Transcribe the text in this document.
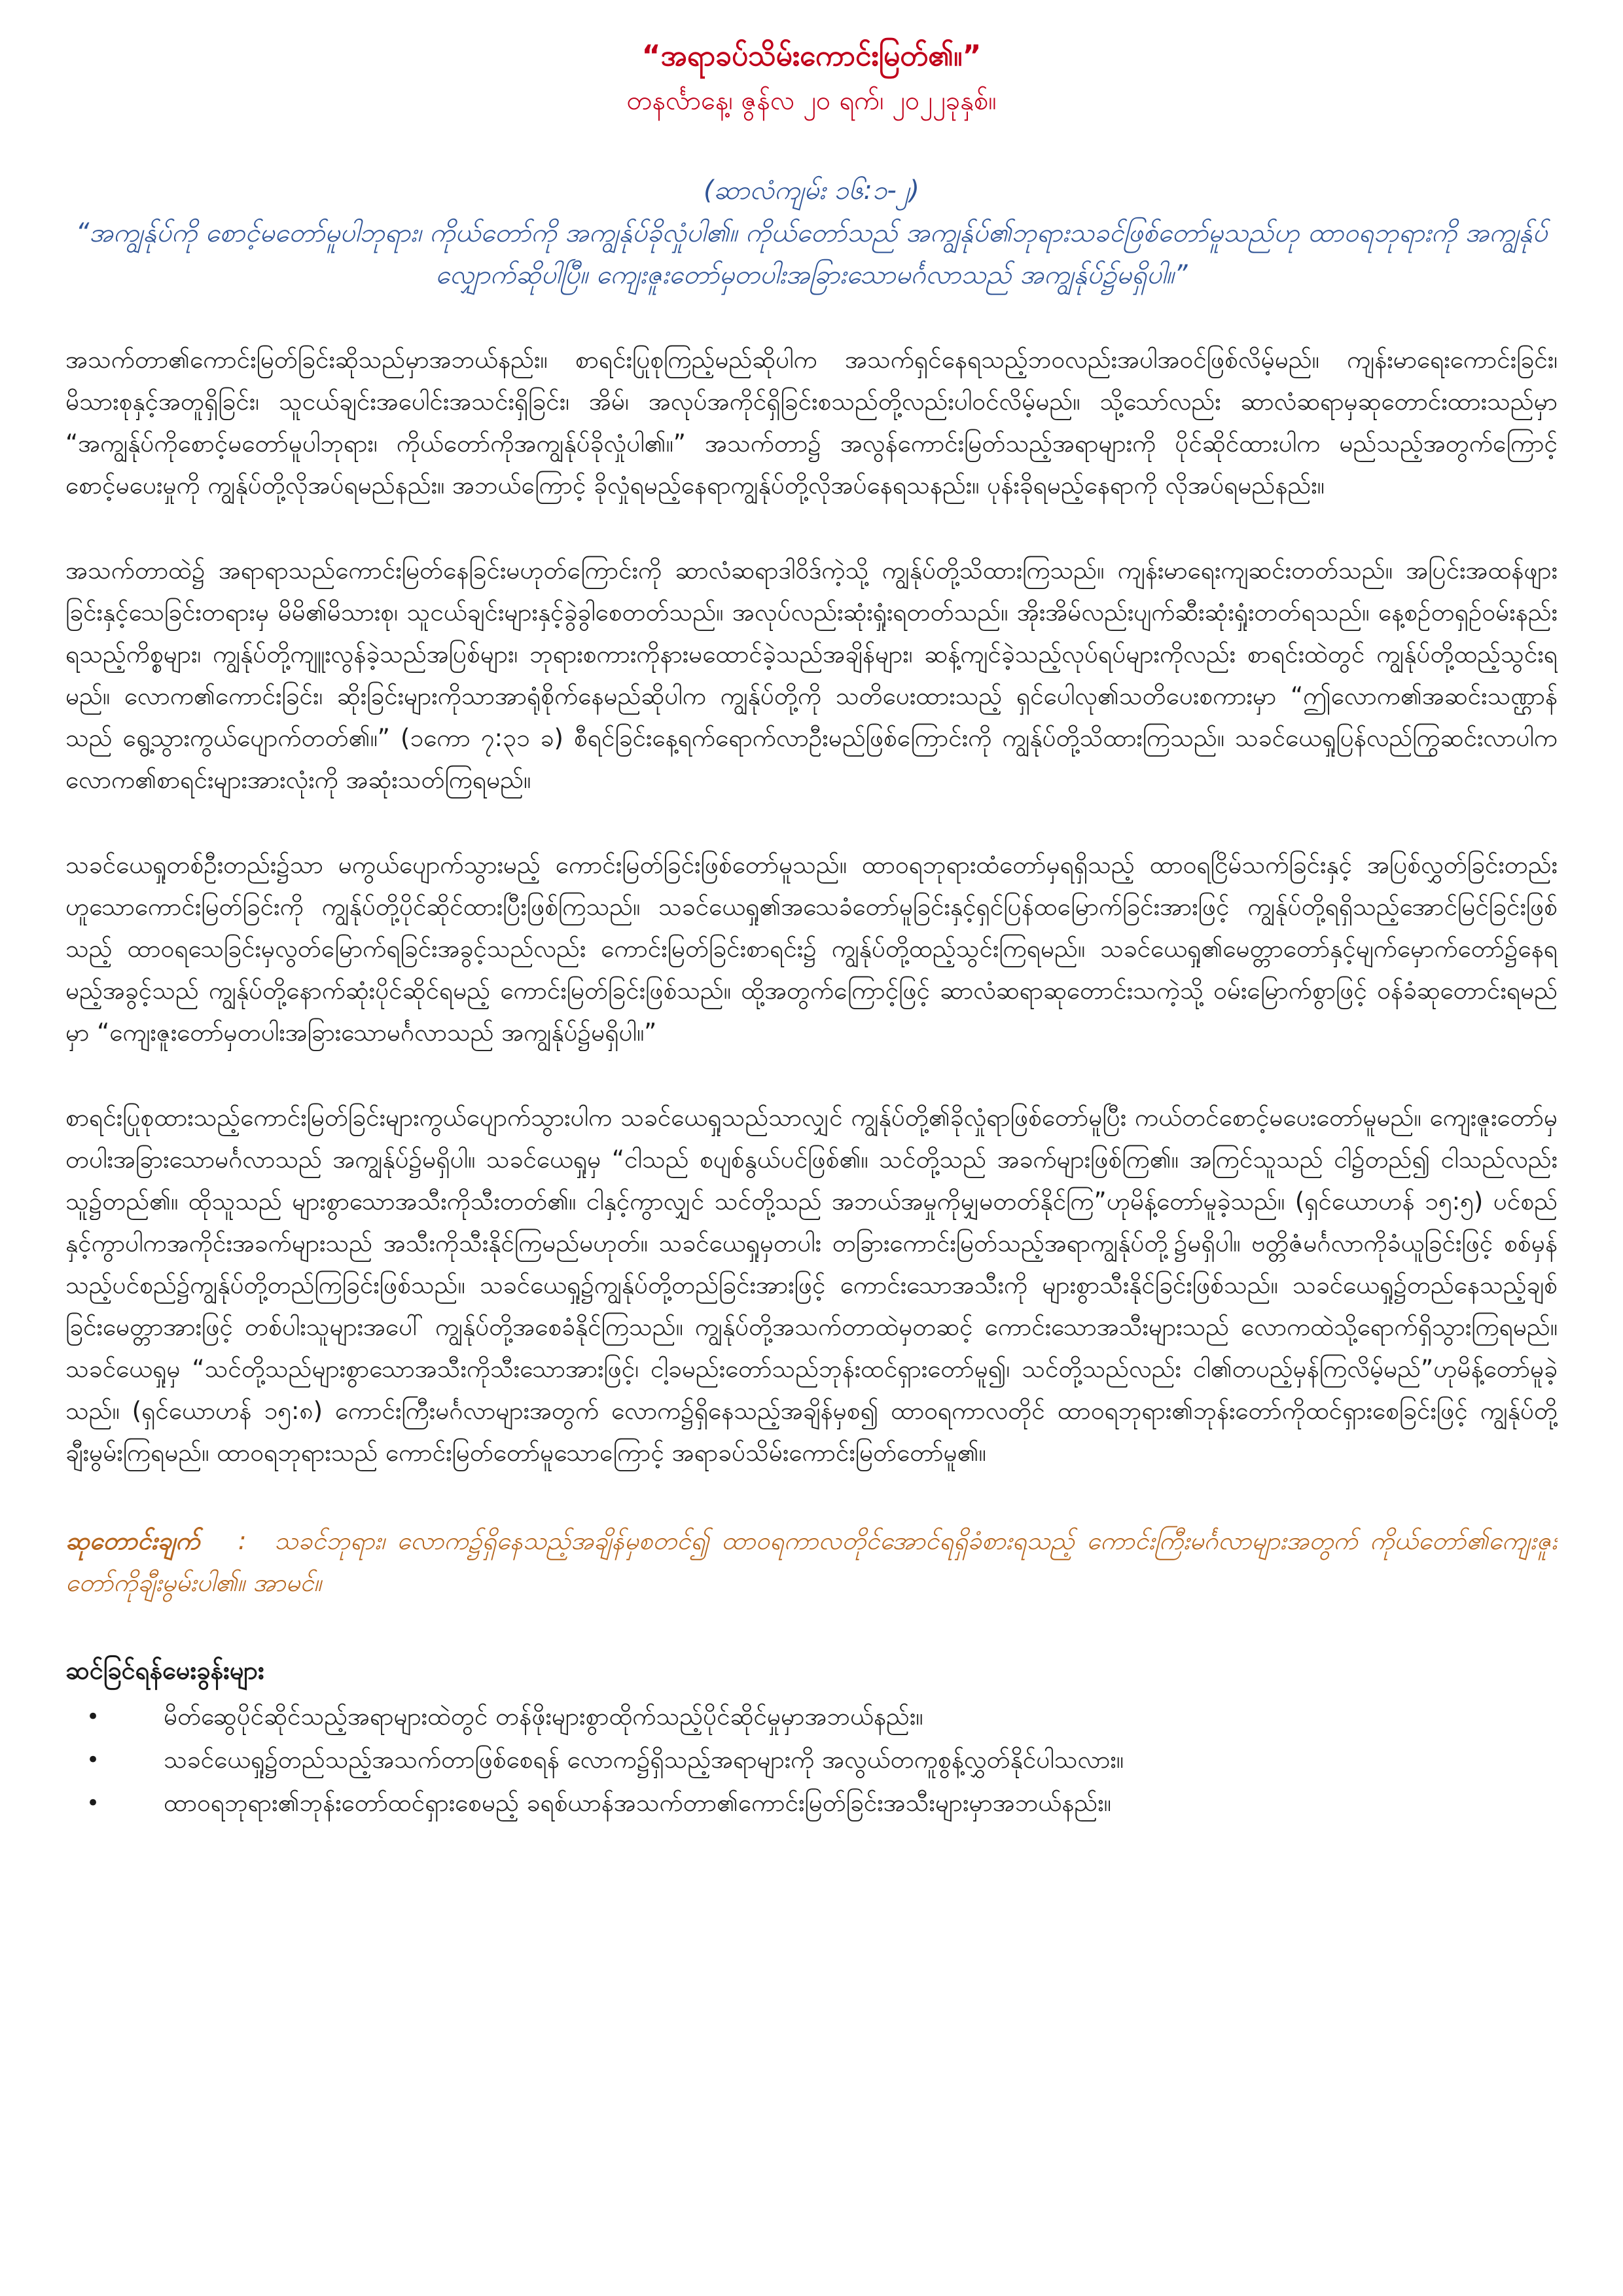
“အရာခပ်သိမ်းကောင်းမြတ်၏။”
တနင်္လာနေ့၊ ဇွန်လ ၂၀ ရက်၊ ၂၀၂၂ခုနှစ်။
(ဆာလံကျမ်း ၁၆:၁-၂)
“အကျွန်ုပ်ကို စောင့်မတော်မူပါဘုရား၊ ကိုယ်တော်ကို အကျွန်ုပ်ခိုလှုံပါ၏။ ကိုယ်တော်သည် အကျွန်ုပ်၏ဘုရားသခင်ဖြစ်တော်မူသည်ဟု ထာဝရဘုရားကို အကျွန်ုပ်လျှောက်ဆိုပါပြီ။ ကျေးဇူးတော်မှတပါးအခြားသောမင်္ဂလာသည် အကျွန်ုပ်၌မရှိပါ။”

အသက်တာ၏ကောင်းမြတ်ခြင်းဆိုသည်မှာအဘယ်နည်း။ စာရင်းပြုစုကြည့်မည်ဆိုပါက အသက်ရှင်နေရသည့်ဘဝလည်းအပါအဝင်ဖြစ်လိမ့်မည်။ ကျန်းမာရေးကောင်းခြင်း၊ မိသားစုနှင့်အတူရှိခြင်း၊ သူငယ်ချင်းအပေါင်းအသင်းရှိခြင်း၊ အိမ်၊ အလုပ်အကိုင်ရှိခြင်းစသည်တို့လည်းပါဝင်လိမ့်မည်။ သို့သော်လည်း ဆာလံဆရာမှဆုတောင်းထားသည်မှာ “အကျွန်ုပ်ကိုစောင့်မတော်မူပါဘုရား၊ ကိုယ်တော်ကိုအကျွန်ုပ်ခိုလှုံပါ၏။” အသက်တာ၌ အလွန်ကောင်းမြတ်သည့်အရာများကို ပိုင်ဆိုင်ထားပါက မည်သည့်အတွက်ကြောင့်စောင့်မပေးမှုကို ကျွန်ုပ်တို့လိုအပ်ရမည်နည်း။ အဘယ်ကြောင့် ခိုလှုံရမည့်နေရာကျွန်ုပ်တို့လိုအပ်နေရသနည်း။ ပုန်းခိုရမည့်နေရာကို လိုအပ်ရမည်နည်း။

အသက်တာထဲ၌ အရာရာသည်ကောင်းမြတ်နေခြင်းမဟုတ်ကြောင်းကို ဆာလံဆရာဒါဝိဒ်ကဲ့သို့ ကျွန်ုပ်တို့သိထားကြသည်။ ကျန်းမာရေးကျဆင်းတတ်သည်။ အပြင်းအထန်ဖျားခြင်းနှင့်သေခြင်းတရားမှ မိမိ၏မိသားစု၊ သူငယ်ချင်းများနှင့်ခွဲခွါစေတတ်သည်။ အလုပ်လည်းဆုံးရှုံးရတတ်သည်။ အိုးအိမ်လည်းပျက်ဆီးဆုံးရှုံးတတ်ရသည်။ နေ့စဉ်တရှဉ်ဝမ်းနည်းရသည့်ကိစ္စများ၊ ကျွန်ုပ်တို့ကျူးလွန်ခဲ့သည်အပြစ်များ၊ ဘုရားစကားကိုနားမထောင်ခဲ့သည်အချိန်များ၊ ဆန့်ကျင်ခဲ့သည့်လုပ်ရပ်များကိုလည်း စာရင်းထဲတွင် ကျွန်ုပ်တို့ထည့်သွင်းရမည်။ လောက၏ကောင်းခြင်း၊ ဆိုးခြင်းများကိုသာအာရုံစိုက်နေမည်ဆိုပါက ကျွန်ုပ်တို့ကို သတိပေးထားသည့် ရှင်ပေါလု၏သတိပေးစကားမှာ “ဤလောက၏အဆင်းသဏ္ဌာန်သည် ရွေ့သွားကွယ်ပျောက်တတ်၏။” (၁ကော ၇:၃၁ ခ) စီရင်ခြင်းနေ့ရက်ရောက်လာဦးမည်ဖြစ်ကြောင်းကို ကျွန်ုပ်တို့သိထားကြသည်။ သခင်ယေရှုပြန်လည်ကြွဆင်းလာပါက လောက၏စာရင်းများအားလုံးကို အဆုံးသတ်ကြရမည်။

သခင်ယေရှုတစ်ဦးတည်း၌သာ မကွယ်ပျောက်သွားမည့် ကောင်းမြတ်ခြင်းဖြစ်တော်မူသည်။ ထာဝရဘုရားထံတော်မှရရှိသည့် ထာဝရငြိမ်သက်ခြင်းနှင့် အပြစ်လွှတ်ခြင်းတည်းဟူသောကောင်းမြတ်ခြင်းကို ကျွန်ုပ်တို့ပိုင်ဆိုင်ထားပြီးဖြစ်ကြသည်။ သခင်ယေရှု၏အသေခံတော်မူခြင်းနှင့်ရှင်ပြန်ထမြောက်ခြင်းအားဖြင့် ကျွန်ုပ်တို့ရရှိသည့်အောင်မြင်ခြင်းဖြစ်သည့် ထာဝရသေခြင်းမှလွတ်မြောက်ရခြင်းအခွင့်သည်လည်း ကောင်းမြတ်ခြင်းစာရင်း၌ ကျွန်ုပ်တို့ထည့်သွင်းကြရမည်။ သခင်ယေရှု၏မေတ္တာတော်နှင့်မျက်မှောက်တော်၌နေရမည့်အခွင့်သည် ကျွန်ုပ်တို့နောက်ဆုံးပိုင်ဆိုင်ရမည့် ကောင်းမြတ်ခြင်းဖြစ်သည်။ ထို့အတွက်ကြောင့်ဖြင့် ဆာလံဆရာဆုတောင်းသကဲ့သို့ ဝမ်းမြောက်စွာဖြင့် ဝန်ခံဆုတောင်းရမည်မှာ “ကျေးဇူးတော်မှတပါးအခြားသောမင်္ဂလာသည် အကျွန်ုပ်၌မရှိပါ။”

စာရင်းပြုစုထားသည့်ကောင်းမြတ်ခြင်းများကွယ်ပျောက်သွားပါက သခင်ယေရှုသည်သာလျှင် ကျွန်ုပ်တို့၏ခိုလှုံရာဖြစ်တော်မူပြီး ကယ်တင်စောင့်မပေးတော်မူမည်။ ကျေးဇူးတော်မှတပါးအခြားသောမင်္ဂလာသည် အကျွန်ုပ်၌မရှိပါ။ သခင်ယေရှုမှ “ငါသည် စပျစ်နွယ်ပင်ဖြစ်၏။ သင်တို့သည် အခက်များဖြစ်ကြ၏။ အကြင်သူသည် ငါ၌တည်၍ ငါသည်လည်းသူ၌တည်၏။ ထိုသူသည် များစွာသောအသီးကိုသီးတတ်၏။ ငါနှင့်ကွာလျှင် သင်တို့သည် အဘယ်အမှုကိုမျှမတတ်နိုင်ကြ”ဟုမိန့်တော်မူခဲ့သည်။ (ရှင်ယောဟန် ၁၅:၅) ပင်စည်နှင့်ကွာပါကအကိုင်းအခက်များသည် အသီးကိုသီးနိုင်ကြမည်မဟုတ်။ သခင်ယေရှုမှတပါး တခြားကောင်းမြတ်သည့်အရာကျွန်ုပ်တို့၌မရှိပါ။ ဗတ္တိဇံမင်္ဂလာကိုခံယူခြင်းဖြင့် စစ်မှန်သည့်ပင်စည်၌ကျွန်ုပ်တို့တည်ကြခြင်းဖြစ်သည်။ သခင်ယေရှု၌ကျွန်ုပ်တို့တည်ခြင်းအားဖြင့် ကောင်းသောအသီးကို များစွာသီးနိုင်ခြင်းဖြစ်သည်။ သခင်ယေရှု၌တည်နေသည့်ချစ်ခြင်းမေတ္တာအားဖြင့် တစ်ပါးသူများအပေါ် ကျွန်ုပ်တို့အစေခံနိုင်ကြသည်။ ကျွန်ုပ်တို့အသက်တာထဲမှတဆင့် ကောင်းသောအသီးများသည် လောကထဲသို့ရောက်ရှိသွားကြရမည်။ သခင်ယေရှုမှ “သင်တို့သည်များစွာသောအသီးကိုသီးသောအားဖြင့်၊ ငါ့ခမည်းတော်သည်ဘုန်းထင်ရှားတော်မူ၍၊ သင်တို့သည်လည်း ငါ၏တပည့်မှန်ကြလိမ့်မည်”ဟုမိန့်တော်မူခဲ့သည်။ (ရှင်ယောဟန် ၁၅:၈) ကောင်းကြီးမင်္ဂလာများအတွက် လောက၌ရှိနေသည့်အချိန်မှစ၍ ထာဝရကာလတိုင် ထာဝရဘုရား၏ဘုန်းတော်ကိုထင်ရှားစေခြင်းဖြင့် ကျွန်ုပ်တို့ချီးမွမ်းကြရမည်။ ထာဝရဘုရားသည် ကောင်းမြတ်တော်မူသောကြောင့် အရာခပ်သိမ်းကောင်းမြတ်တော်မူ၏။

ဆုတောင်းချက် : သခင်ဘုရား၊ လောက၌ရှိနေသည့်အချိန်မှစတင်၍ ထာဝရကာလတိုင်အောင်ရရှိခံစားရသည့် ကောင်းကြီးမင်္ဂလာများအတွက် ကိုယ်တော်၏ကျေးဇူးတော်ကိုချီးမွမ်းပါ၏။ အာမင်။

ဆင်ခြင်ရန်မေးခွန်းများ
•	မိတ်ဆွေပိုင်ဆိုင်သည့်အရာများထဲတွင် တန်ဖိုးများစွာထိုက်သည့်ပိုင်ဆိုင်မှုမှာအဘယ်နည်း။
•	သခင်ယေရှု၌တည်သည့်အသက်တာဖြစ်စေရန် လောက၌ရှိသည့်အရာများကို အလွယ်တကူစွန့်လွှတ်နိုင်ပါသလား။
•	ထာဝရဘုရား၏ဘုန်းတော်ထင်ရှားစေမည့် ခရစ်ယာန်အသက်တာ၏ကောင်းမြတ်ခြင်းအသီးများမှာအဘယ်နည်း။
